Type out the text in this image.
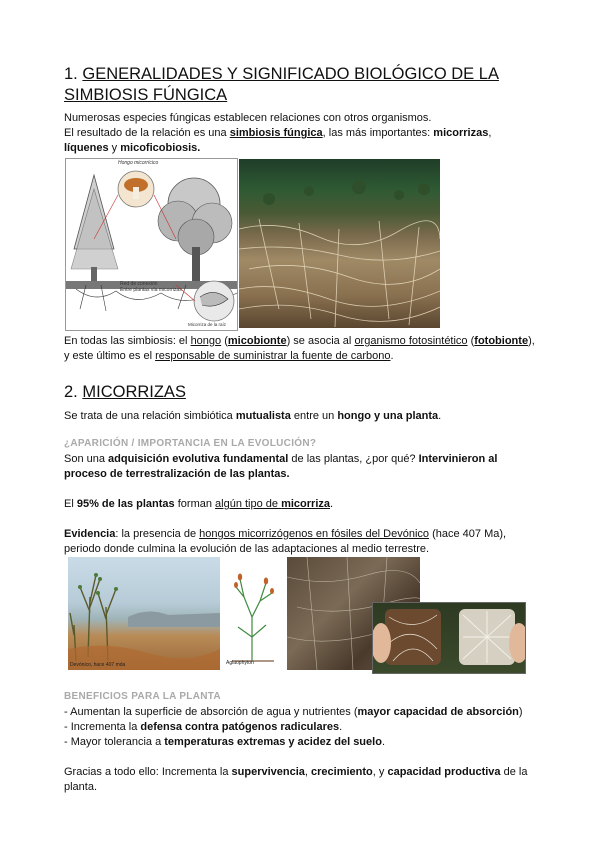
1. GENERALIDADES Y SIGNIFICADO BIOLÓGICO DE LA SIMBIOSIS FÚNGICA

Numerosas especies fúngicas establecen relaciones con otros organismos.

El resultado de la relación es una simbiosis fúngica, las más importantes: micorrizas,

líquenes y micoficobiosis.

Hongo micorrícico
Red de conexión
Entre plantas vía micorrizas
Micorriza de la raíz

En todas las simbiosis: el hongo (micobionte) se asocia al organismo fotosintético (fotobionte),

y este último es el responsable de suministrar la fuente de carbono.

2. MICORRIZAS

Se trata de una relación simbiótica mutualista entre un hongo y una planta.

¿APARICIÓN / IMPORTANCIA EN LA EVOLUCIÓN?

Son una adquisición evolutiva fundamental de las plantas, ¿por qué? Intervinieron al

proceso de terrestralización de las plantas.

El 95% de las plantas forman algún tipo de micorriza.

Evidencia: la presencia de hongos micorrizógenos en fósiles del Devónico (hace 407 Ma),

periodo donde culmina la evolución de las adaptaciones al medio terrestre.

Devónico, hace 407 mda	Aglaophyton
BENEFICIOS PARA LA PLANTA

- Aumentan la superficie de absorción de agua y nutrientes (mayor capacidad de absorción)

- Incrementa la defensa contra patógenos radiculares.

- Mayor tolerancia a temperaturas extremas y acidez del suelo.

Gracias a todo ello: Incrementa la supervivencia, crecimiento, y capacidad productiva de la

planta.
